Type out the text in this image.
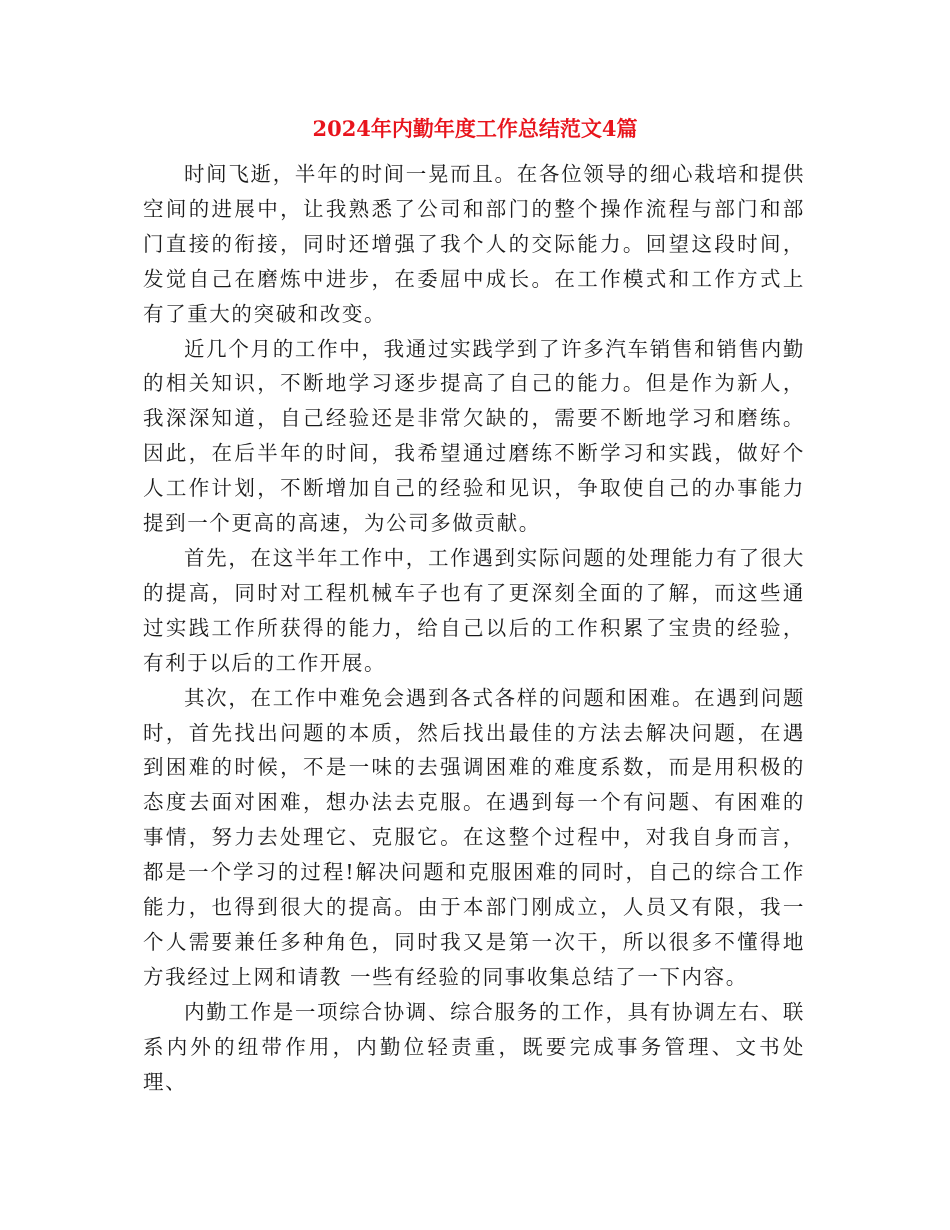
2024年内勤年度工作总结范文4篇

时间飞逝，半年的时间一晃而且。在各位领导的细心栽培和提供空间的进展中，让我熟悉了公司和部门的整个操作流程与部门和部门直接的衔接，同时还增强了我个人的交际能力。回望这段时间，发觉自己在磨炼中进步，在委屈中成长。在工作模式和工作方式上有了重大的突破和改变。

近几个月的工作中，我通过实践学到了许多汽车销售和销售内勤的相关知识，不断地学习逐步提高了自己的能力。但是作为新人，我深深知道，自己经验还是非常欠缺的，需要不断地学习和磨练。因此，在后半年的时间，我希望通过磨练不断学习和实践，做好个人工作计划，不断增加自己的经验和见识，争取使自己的办事能力提到一个更高的高速，为公司多做贡献。

首先，在这半年工作中，工作遇到实际问题的处理能力有了很大的提高，同时对工程机械车子也有了更深刻全面的了解，而这些通过实践工作所获得的能力，给自己以后的工作积累了宝贵的经验，有利于以后的工作开展。

其次，在工作中难免会遇到各式各样的问题和困难。在遇到问题时，首先找出问题的本质，然后找出最佳的方法去解决问题，在遇到困难的时候，不是一味的去强调困难的难度系数，而是用积极的态度去面对困难，想办法去克服。在遇到每一个有问题、有困难的事情，努力去处理它、克服它。在这整个过程中，对我自身而言，都是一个学习的过程!解决问题和克服困难的同时，自己的综合工作能力，也得到很大的提高。由于本部门刚成立，人员又有限，我一个人需要兼任多种角色，同时我又是第一次干，所以很多不懂得地方我经过上网和请教 一些有经验的同事收集总结了一下内容。

内勤工作是一项综合协调、综合服务的工作，具有协调左右、联系内外的纽带作用，内勤位轻责重，既要完成事务管理、文书处理、
